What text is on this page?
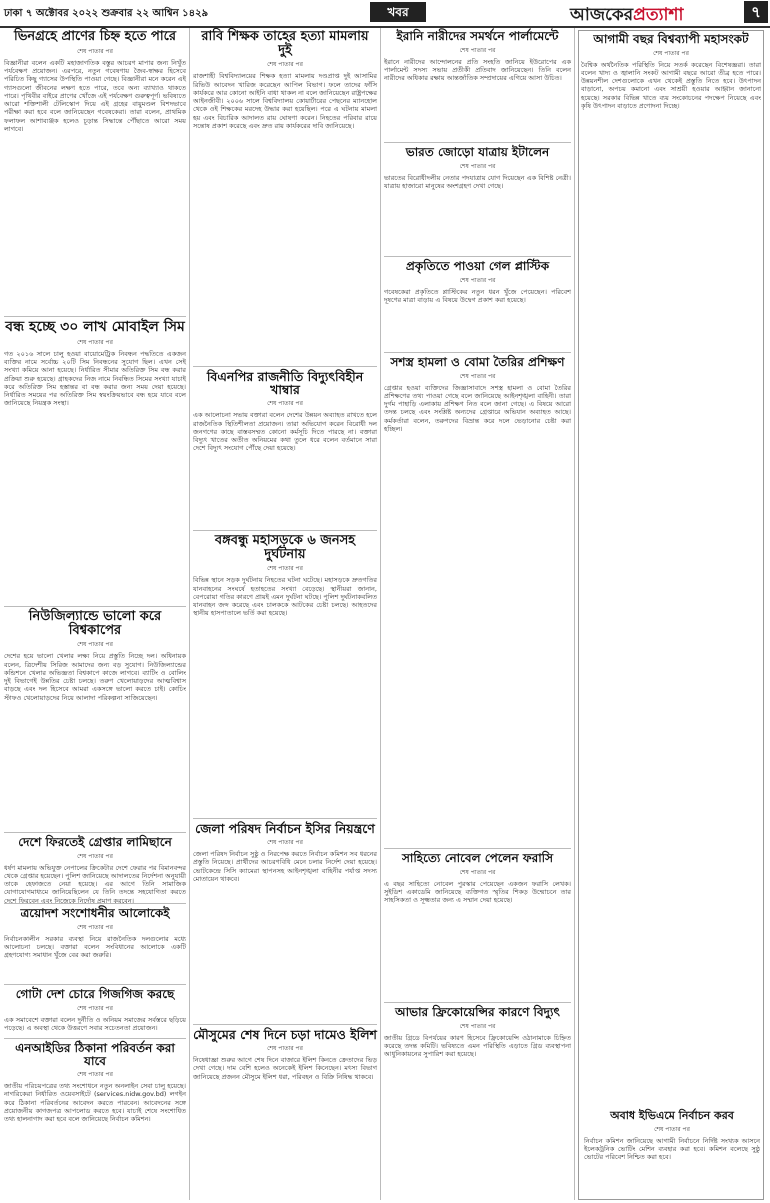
ঢাকা ৭ অক্টোবর ২০২২ শুক্রবার ২২ আশ্বিন ১৪২৯	খবর	আজকেরপ্রত্যাশা	৭
ভিনগ্রহে প্রাণের চিহ্ন হতে পারে
শেষ পাতার পর
বিজ্ঞানীরা বলেন একটি মহাজাগতিক বস্তুর আচরণ মাপার জন্য নিখুঁত পর্যবেক্ষণ প্রয়োজন। এরপরে, নতুন গবেষণায় জৈব-স্বাক্ষর হিসেবে পরিচিত কিছু গ্যাসের উপস্থিতি পাওয়া গেছে। বিজ্ঞানীরা মনে করেন এই গ্যাসগুলো জীবনের লক্ষণ হতে পারে, তবে অন্য ব্যাখ্যাও থাকতে পারে। পৃথিবীর বাইরে প্রাণের খোঁজে এই পর্যবেক্ষণ গুরুত্বপূর্ণ। ভবিষ্যতে আরো শক্তিশালী টেলিস্কোপ দিয়ে এই গ্রহের বায়ুমণ্ডল বিশদভাবে পরীক্ষা করা হবে বলে জানিয়েছেন গবেষকেরা। তারা বলেন, প্রাথমিক ফলাফল আশাব্যঞ্জক হলেও চূড়ান্ত সিদ্ধান্তে পৌঁছাতে আরো সময় লাগবে।
বন্ধ হচ্ছে ৩০ লাখ মোবাইল সিম
শেষ পাতার পর
গত ২০১৬ সালে চালু হওয়া বায়োমেট্রিক নিবন্ধন পদ্ধতিতে একজন ব্যক্তির নামে সর্বোচ্চ ২০টি সিম নিবন্ধনের সুযোগ ছিল। এখন সেই সংখ্যা কমিয়ে আনা হয়েছে। নির্ধারিত সীমার অতিরিক্ত সিম বন্ধ করার প্রক্রিয়া শুরু হয়েছে। গ্রাহকদের নিজ নামে নিবন্ধিত সিমের সংখ্যা যাচাই করে অতিরিক্ত সিম হস্তান্তর বা বন্ধ করার জন্য সময় দেয়া হয়েছে। নির্ধারিত সময়ের পর অতিরিক্ত সিম স্বয়ংক্রিয়ভাবে বন্ধ হয়ে যাবে বলে জানিয়েছে নিয়ন্ত্রক সংস্থা।
নিউজিল্যান্ডে ভালো করে বিশ্বকাপের
শেষ পাতার পর
দেশের হয়ে ভালো খেলার লক্ষ্য নিয়ে প্রস্তুতি নিচ্ছে দল। অধিনায়ক বলেন, ত্রিদেশীয় সিরিজ আমাদের জন্য বড় সুযোগ। নিউজিল্যান্ডের কন্ডিশনে খেলার অভিজ্ঞতা বিশ্বকাপে কাজে লাগবে। ব্যাটিং ও বোলিং দুই বিভাগেই উন্নতির চেষ্টা চলছে। তরুণ খেলোয়াড়দের আত্মবিশ্বাস বাড়ছে এবং দল হিসেবে আমরা একসঙ্গে ভালো করতে চাই। কোচিং স্টাফও খেলোয়াড়দের নিয়ে আলাদা পরিকল্পনা সাজিয়েছেন।
দেশে ফিরতেই গ্রেপ্তার লামিছানে
শেষ পাতার পর
ধর্ষণ মামলায় অভিযুক্ত নেপালের ক্রিকেটার দেশে ফেরার পর বিমানবন্দর থেকে গ্রেপ্তার হয়েছেন। পুলিশ জানিয়েছে আদালতের নির্দেশনা অনুযায়ী তাকে হেফাজতে নেয়া হয়েছে। এর আগে তিনি সামাজিক যোগাযোগমাধ্যমে জানিয়েছিলেন যে তিনি তদন্তে সহযোগিতা করতে দেশে ফিরবেন এবং নিজেকে নির্দোষ প্রমাণ করবেন।
ত্রয়োদশ সংশোধনীর আলোকেই
শেষ পাতার পর
নির্বাচনকালীন সরকার ব্যবস্থা নিয়ে রাজনৈতিক দলগুলোর মধ্যে আলোচনা চলছে। বক্তারা বলেন সংবিধানের আলোকে একটি গ্রহণযোগ্য সমাধান খুঁজে বের করা জরুরি।
গোটা দেশ চোরে গিজগিজ করছে
শেষ পাতার পর
এক সমাবেশে বক্তারা বলেন দুর্নীতি ও অনিয়ম সমাজের সর্বস্তরে ছড়িয়ে পড়েছে। এ অবস্থা থেকে উত্তরণে সবার সচেতনতা প্রয়োজন।
এনআইডির ঠিকানা পরিবর্তন করা যাবে
শেষ পাতার পর
জাতীয় পরিচয়পত্রের তথ্য সংশোধনে নতুন অনলাইন সেবা চালু হয়েছে। নাগরিকেরা নির্ধারিত ওয়েবসাইটে (services.nidw.gov.bd) লগইন করে ঠিকানা পরিবর্তনের আবেদন করতে পারবেন। আবেদনের সঙ্গে প্রয়োজনীয় কাগজপত্র আপলোড করতে হবে। যাচাই শেষে সংশোধিত তথ্য হালনাগাদ করা হবে বলে জানিয়েছে নির্বাচন কমিশন।
রাবি শিক্ষক তাহের হত্যা মামলায় দুই
শেষ পাতার পর
রাজশাহী বিশ্ববিদ্যালয়ের শিক্ষক হত্যা মামলায় দণ্ডপ্রাপ্ত দুই আসামির রিভিউ আবেদন খারিজ করেছেন আপিল বিভাগ। ফলে তাদের ফাঁসি কার্যকরে আর কোনো আইনি বাধা থাকল না বলে জানিয়েছেন রাষ্ট্রপক্ষের আইনজীবী। ২০০৬ সালে বিশ্ববিদ্যালয় কোয়ার্টারের পেছনের ম্যানহোল থেকে ওই শিক্ষকের মরদেহ উদ্ধার করা হয়েছিল। পরে এ ঘটনায় মামলা হয় এবং বিচারিক আদালত রায় ঘোষণা করেন। নিহতের পরিবার রায়ে সন্তোষ প্রকাশ করেছে এবং দ্রুত রায় কার্যকরের দাবি জানিয়েছে।
বিএনপির রাজনীতি বিদ্যুৎবিহীন খাম্বার
শেষ পাতার পর
এক আলোচনা সভায় বক্তারা বলেন দেশের উন্নয়ন অব্যাহত রাখতে হলে রাজনৈতিক স্থিতিশীলতা প্রয়োজন। তারা অভিযোগ করেন বিরোধী দল জনগণের কাছে বাস্তবসম্মত কোনো কর্মসূচি দিতে পারছে না। বক্তারা বিদ্যুৎ খাতের অতীত অনিয়মের কথা তুলে ধরে বলেন বর্তমানে সারা দেশে বিদ্যুৎ সংযোগ পৌঁছে দেয়া হয়েছে।
বঙ্গবন্ধু মহাসড়কে ৬ জনসহ দুর্ঘটনায়
শেষ পাতার পর
বিভিন্ন স্থানে সড়ক দুর্ঘটনায় নিহতের ঘটনা ঘটেছে। মহাসড়কে দ্রুতগতির যানবাহনের সংঘর্ষে হতাহতের সংখ্যা বেড়েছে। স্থানীয়রা জানান, বেপরোয়া গতির কারণে প্রায়ই এমন দুর্ঘটনা ঘটছে। পুলিশ দুর্ঘটনাকবলিত যানবাহন জব্দ করেছে এবং চালককে আটকের চেষ্টা চলছে। আহতদের স্থানীয় হাসপাতালে ভর্তি করা হয়েছে।
জেলা পরিষদ নির্বাচন ইসির নিয়ন্ত্রণে
শেষ পাতার পর
জেলা পরিষদ নির্বাচন সুষ্ঠু ও নিরপেক্ষ করতে নির্বাচন কমিশন সব ধরনের প্রস্তুতি নিয়েছে। প্রার্থীদের আচরণবিধি মেনে চলার নির্দেশ দেয়া হয়েছে। ভোটকেন্দ্রে সিসি ক্যামেরা স্থাপনসহ আইনশৃঙ্খলা বাহিনীর পর্যাপ্ত সদস্য মোতায়েন থাকবে।
মৌসুমের শেষ দিনে চড়া দামেও ইলিশ
শেষ পাতার পর
নিষেধাজ্ঞা শুরুর আগে শেষ দিনে বাজারে ইলিশ কিনতে ক্রেতাদের ভিড় দেখা গেছে। দাম বেশি হলেও অনেকেই ইলিশ কিনেছেন। মৎস্য বিভাগ জানিয়েছে প্রজনন মৌসুমে ইলিশ ধরা, পরিবহন ও বিক্রি নিষিদ্ধ থাকবে।
ইরানি নারীদের সমর্থনে পার্লামেন্টে
শেষ পাতার পর
ইরানে নারীদের আন্দোলনের প্রতি সংহতি জানিয়ে ইউরোপের এক পার্লামেন্ট সদস্য সভায় প্রতীকী প্রতিবাদ জানিয়েছেন। তিনি বলেন নারীদের অধিকার রক্ষায় আন্তর্জাতিক সম্প্রদায়ের এগিয়ে আসা উচিত।
ভারত জোড়ো যাত্রায় ইটালেন
শেষ পাতার পর
ভারতের বিরোধীদলীয় নেতার পদযাত্রায় যোগ দিয়েছেন এক বিশিষ্ট নেত্রী। যাত্রায় হাজারো মানুষের অংশগ্রহণ দেখা গেছে।
প্রকৃতিতে পাওয়া গেল প্লাস্টিক
শেষ পাতার পর
গবেষকেরা প্রকৃতিতে প্লাস্টিকের নতুন ধরন খুঁজে পেয়েছেন। পরিবেশ দূষণের মাত্রা বাড়ায় এ বিষয়ে উদ্বেগ প্রকাশ করা হয়েছে।
সশস্ত্র হামলা ও বোমা তৈরির প্রশিক্ষণ
শেষ পাতার পর
গ্রেপ্তার হওয়া ব্যক্তিদের জিজ্ঞাসাবাদে সশস্ত্র হামলা ও বোমা তৈরির প্রশিক্ষণের তথ্য পাওয়া গেছে বলে জানিয়েছে আইনশৃঙ্খলা বাহিনী। তারা দুর্গম পাহাড়ি এলাকায় প্রশিক্ষণ নিত বলে জানা গেছে। এ বিষয়ে আরো তদন্ত চলছে এবং সংশ্লিষ্ট অন্যদের গ্রেপ্তারে অভিযান অব্যাহত আছে। কর্মকর্তারা বলেন, তরুণদের বিভ্রান্ত করে দলে ভেড়ানোর চেষ্টা করা হচ্ছিল।
সাহিত্যে নোবেল পেলেন ফরাসি
শেষ পাতার পর
এ বছর সাহিত্যে নোবেল পুরস্কার পেয়েছেন একজন ফরাসি লেখক। সুইডিশ একাডেমি জানিয়েছে ব্যক্তিগত স্মৃতির শিকড় উন্মোচনে তার সাহসিকতা ও সূক্ষ্মতার জন্য এ সম্মান দেয়া হয়েছে।
আভার ফ্রিকোয়েন্সির কারণে বিদ্যুৎ
শেষ পাতার পর
জাতীয় গ্রিডে বিপর্যয়ের কারণ হিসেবে ফ্রিকোয়েন্সি ওঠানামাকে চিহ্নিত করেছে তদন্ত কমিটি। ভবিষ্যতে এমন পরিস্থিতি এড়াতে গ্রিড ব্যবস্থাপনা আধুনিকায়নের সুপারিশ করা হয়েছে।
আগামী বছর বিশ্বব্যাপী মহাসংকট
শেষ পাতার পর
বৈশ্বিক অর্থনৈতিক পরিস্থিতি নিয়ে সতর্ক করেছেন বিশেষজ্ঞরা। তারা বলেন খাদ্য ও জ্বালানি সংকট আগামী বছরে আরো তীব্র হতে পারে। উন্নয়নশীল দেশগুলোকে এখন থেকেই প্রস্তুতি নিতে হবে। উৎপাদন বাড়ানো, অপচয় কমানো এবং সাশ্রয়ী হওয়ার আহ্বান জানানো হয়েছে। সরকার বিভিন্ন খাতে ব্যয় সংকোচনের পদক্ষেপ নিয়েছে এবং কৃষি উৎপাদন বাড়াতে প্রণোদনা দিচ্ছে।
অবাধ ইভিএমে নির্বাচন করব
শেষ পাতার পর
নির্বাচন কমিশন জানিয়েছে আগামী নির্বাচনে নির্দিষ্ট সংখ্যক আসনে ইলেকট্রনিক ভোটিং মেশিন ব্যবহার করা হবে। কমিশন বলেছে সুষ্ঠু ভোটের পরিবেশ নিশ্চিত করা হবে।
